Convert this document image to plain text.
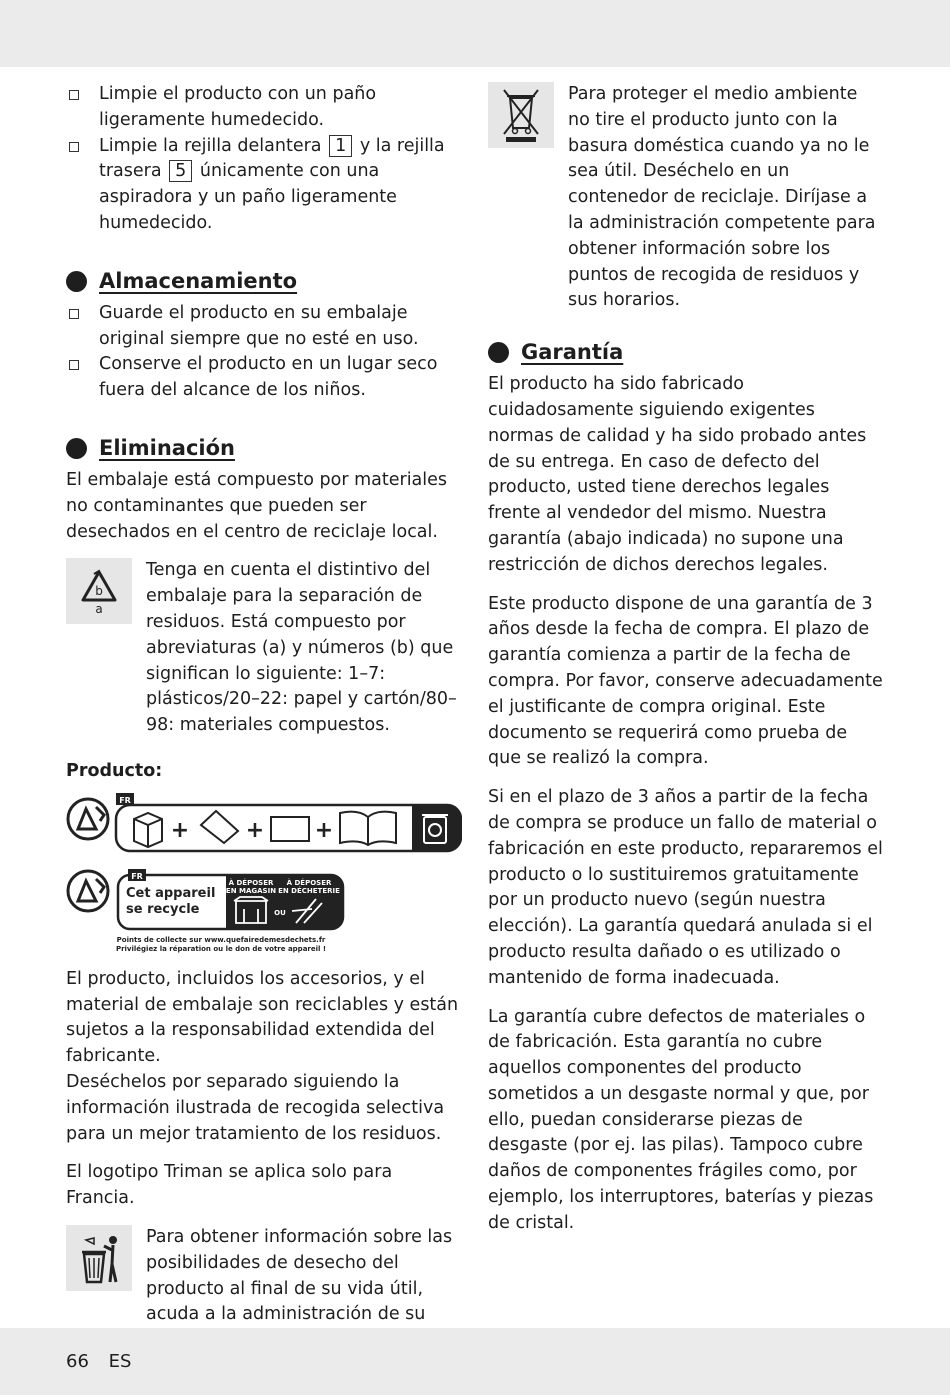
Limpie el producto con un paño ligeramente humedecido.
Limpie la rejilla delantera 1 y la rejilla trasera 5 únicamente con una aspiradora y un paño ligeramente humedecido.
Almacenamiento
Guarde el producto en su embalaje original siempre que no esté en uso.
Conserve el producto en un lugar seco fuera del alcance de los niños.
Eliminación

El embalaje está compuesto por materiales no contaminantes que pueden ser desechados en el centro de reciclaje local.

b
a
Tenga en cuenta el distintivo del embalaje para la separación de residuos. Está compuesto por abreviaturas (a) y números (b) que significan lo siguiente: 1–7: plásticos/20–22: papel y cartón/80–98: materiales compuestos.
Producto:
FR
+	+ +
FR
Cet appareil
se recycle
À DÉPOSER
EN MAGASIN
À DÉPOSER
EN DÉCHETERIE
OU
Points de collecte sur www.quefairedemesdechets.fr
Privilégiez la réparation ou le don de votre appareil !

El producto, incluidos los accesorios, y el material de embalaje son reciclables y están sujetos a la responsabilidad extendida del fabricante.

Deséchelos por separado siguiendo la información ilustrada de recogida selectiva para un mejor tratamiento de los residuos.

El logotipo Triman se aplica solo para Francia.

Para obtener información sobre las posibilidades de desecho del producto al final de su vida útil, acuda a la administración de su
Para proteger el medio ambiente no tire el producto junto con la basura doméstica cuando ya no le sea útil. Deséchelo en un contenedor de reciclaje. Diríjase a la administración competente para obtener información sobre los puntos de recogida de residuos y sus horarios.
Garantía

El producto ha sido fabricado cuidadosamente siguiendo exigentes normas de calidad y ha sido probado antes de su entrega. En caso de defecto del producto, usted tiene derechos legales frente al vendedor del mismo. Nuestra garantía (abajo indicada) no supone una restricción de dichos derechos legales.

Este producto dispone de una garantía de 3 años desde la fecha de compra. El plazo de garantía comienza a partir de la fecha de compra. Por favor, conserve adecuadamente el justificante de compra original. Este documento se requerirá como prueba de que se realizó la compra.

Si en el plazo de 3 años a partir de la fecha de compra se produce un fallo de material o fabricación en este producto, repararemos el producto o lo sustituiremos gratuitamente por un producto nuevo (según nuestra elección). La garantía quedará anulada si el producto resulta dañado o es utilizado o mantenido de forma inadecuada.

La garantía cubre defectos de materiales o de fabricación. Esta garantía no cubre aquellos componentes del producto sometidos a un desgaste normal y que, por ello, puedan considerarse piezas de desgaste (por ej. las pilas). Tampoco cubre daños de componentes frágiles como, por ejemplo, los interruptores, baterías y piezas de cristal.

66 ES
